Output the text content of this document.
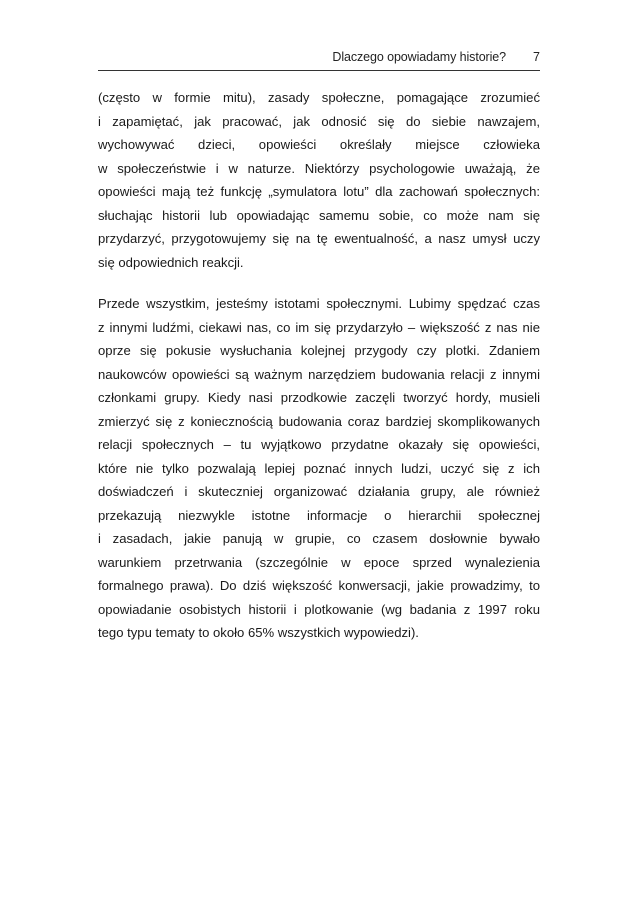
Dlaczego opowiadamy historie? 7
(często w formie mitu), zasady społeczne, pomagające zrozumieć
i zapamiętać, jak pracować, jak odnosić się do siebie nawzajem,
wychowywać dzieci, opowieści określały miejsce człowieka
w społeczeństwie i w naturze. Niektórzy psychologowie uważają, że
opowieści mają też funkcję „symulatora lotu” dla zachowań społecznych:
słuchając historii lub opowiadając samemu sobie, co może nam się
przydarzyć, przygotowujemy się na tę ewentualność, a nasz umysł uczy
się odpowiednich reakcji.
Przede wszystkim, jesteśmy istotami społecznymi. Lubimy spędzać czas
z innymi ludźmi, ciekawi nas, co im się przydarzyło – większość z nas nie
oprze się pokusie wysłuchania kolejnej przygody czy plotki. Zdaniem
naukowców opowieści są ważnym narzędziem budowania relacji z innymi
członkami grupy. Kiedy nasi przodkowie zaczęli tworzyć hordy, musieli
zmierzyć się z koniecznością budowania coraz bardziej skomplikowanych
relacji społecznych – tu wyjątkowo przydatne okazały się opowieści,
które nie tylko pozwalają lepiej poznać innych ludzi, uczyć się z ich
doświadczeń i skuteczniej organizować działania grupy, ale również
przekazują niezwykle istotne informacje o hierarchii społecznej
i zasadach, jakie panują w grupie, co czasem dosłownie bywało
warunkiem przetrwania (szczególnie w epoce sprzed wynalezienia
formalnego prawa). Do dziś większość konwersacji, jakie prowadzimy, to
opowiadanie osobistych historii i plotkowanie (wg badania z 1997 roku
tego typu tematy to około 65% wszystkich wypowiedzi).
